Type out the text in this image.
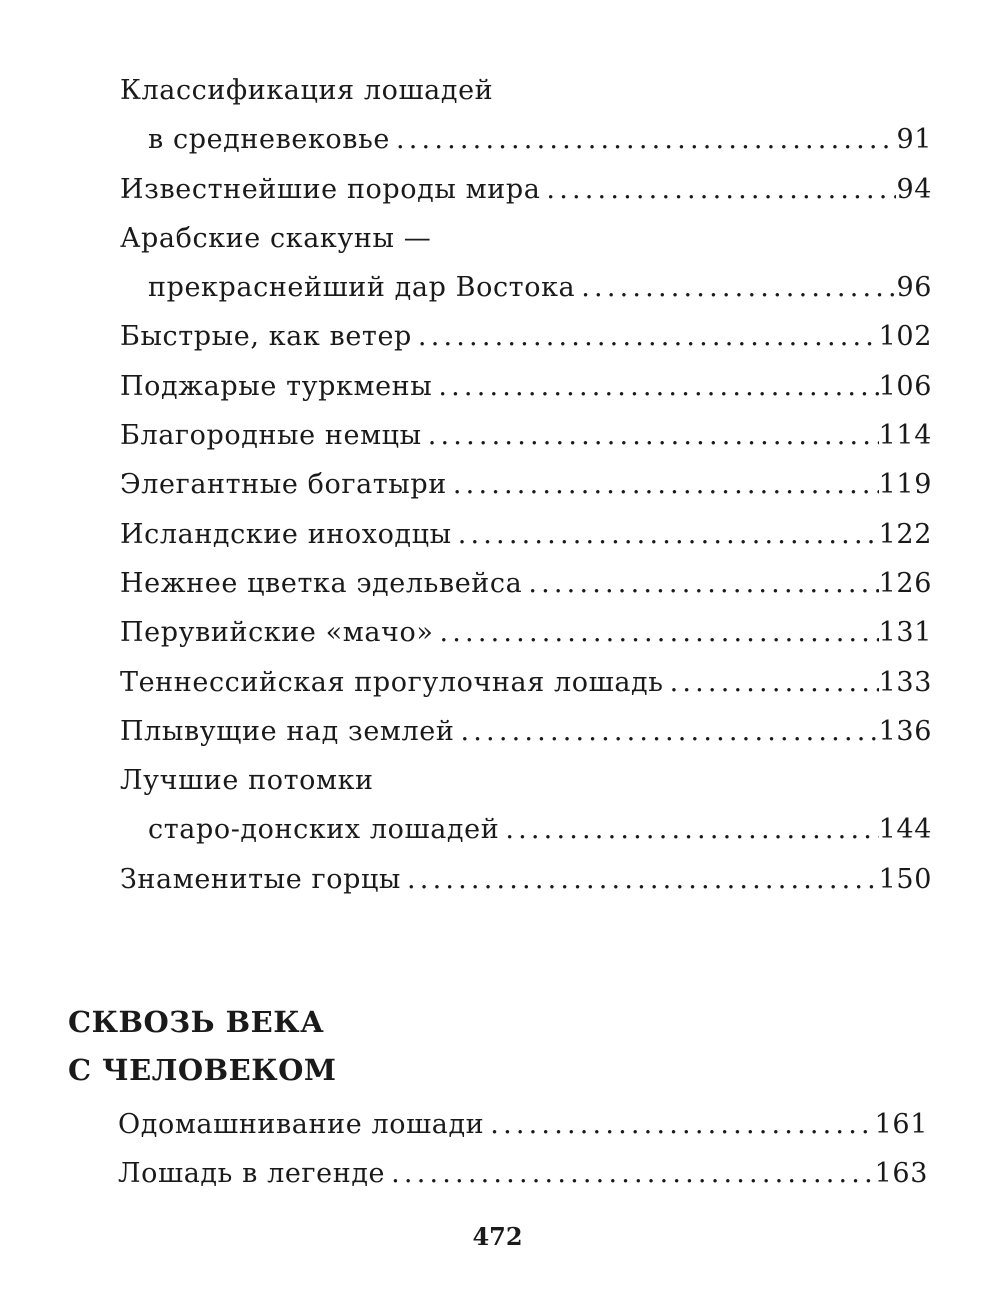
Классификация лошадей
в средневековье .....	91
Известнейшие породы мира .....	94
Арабские скакуны —
прекраснейший дар Востока .....	96
Быстрые, как ветер .....	102
Поджарые туркмены .....	106
Благородные немцы .....	114
Элегантные богатыри .....	119
Исландские иноходцы .....	122
Нежнее цветка эдельвейса .....	126
Перувийские «мачо» .....	131
Теннессийская прогулочная лошадь .....	133
Плывущие над землей .....	136
Лучшие потомки
старо-донских лошадей .....	144
Знаменитые горцы .....	150
СКВОЗЬ ВЕКА
С ЧЕЛОВЕКОМ
Одомашнивание лошади .....	161
Лошадь в легенде .....	163
472
